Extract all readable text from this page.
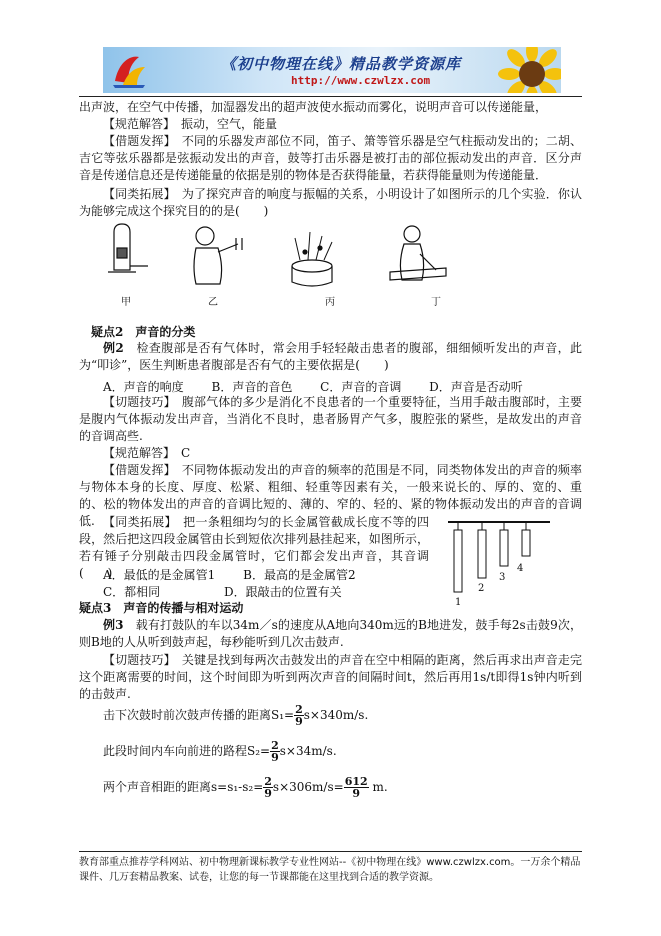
《初中物理在线》精品教学资源库
http://www.czwlzx.com
出声波，在空气中传播，加湿器发出的超声波使水振动而雾化，说明声音可以传递能量，
【规范解答】　 振动，空气，能量
【借题发挥】　 不同的乐器发声部位不同，笛子、箫等管乐器是空气柱振动发出的；二胡、吉它等弦乐器都是弦振动发出的声音，鼓等打击乐器是被打击的部位振动发出的声音．区分声音是传递信息还是传递能量的依据是别的物体是否获得能量，若获得能量则为传递能量．
【同类拓展】　 为了探究声音的响度与振幅的关系，小明设计了如图所示的几个实验．你认为能够完成这个探究目的的是(　　)
甲	乙	丙	丁
疑点2　声音的分类
例2　 检查腹部是否有气体时，常会用手轻轻敲击患者的腹部，细细倾听发出的声音，此为“叩诊”，医生判断患者腹部是否有气的主要依据是(　　)
A．声音的响度　　 B．声音的音色　　 C．声音的音调　　 D．声音是否动听
【切题技巧】　 腹部气体的多少是消化不良患者的一个重要特征，当用手敲击腹部时，主要是腹内气体振动发出声音，当消化不良时，患者肠胃产气多，腹腔张的紧些，是故发出的声音的音调高些.
【规范解答】　 C
【借题发挥】　 不同物体振动发出的声音的频率的范围是不同，同类物体发出的声音的频率与物体本身的长度、厚度、松紧、粗细、轻重等因素有关，一般来说长的、厚的、宽的、重的、松的物体发出的声音的音调比短的、薄的、窄的、轻的、紧的物体振动发出的声音的音调低. 【同类拓展】　 把一条粗细均匀的长金属管截成长度不等的四段，然后把这四段金属管由长到短依次排列悬挂起来，如图所示，若有锤子分别敲击四段金属管时，它们都会发出声音，其音调(　　)
1
2
3
4
A．最低的是金属管1　　 B．最高的是金属管2
C．都相同　　　　　	D．跟敲击的位置有关
疑点3　声音的传播与相对运动
例3　 载有打鼓队的车以34m／s的速度从A地向340m远的B地进发，鼓手每2s击鼓9次，则B地的人从听到鼓声起，每秒能听到几次击鼓声.
【切题技巧】　 关键是找到每两次击鼓发出的声音在空中相隔的距离，然后再求出声音走完这个距离需要的时间，这个时间即为听到两次声音的间隔时间t，然后再用1s/t即得1s钟内听到的击鼓声.
击下次鼓时前次鼓声传播的距离$S_1= \frac{2}{9} s\times 340m/s$.
此段时间内车向前进的路程$S_2= \frac{2}{9} s\times 34m/s$.
两个声音相距的距离$s=s_1-s_2= \frac{2}{9} s\times 306m/s= \frac{612}{9} m$.
教育部重点推荐学科网站、初中物理新课标教学专业性网站--《初中物理在线》www.czwlzx.com。一万余个精品课件、几万套精品教案、试卷，让您的每一节课都能在这里找到合适的教学资源。
